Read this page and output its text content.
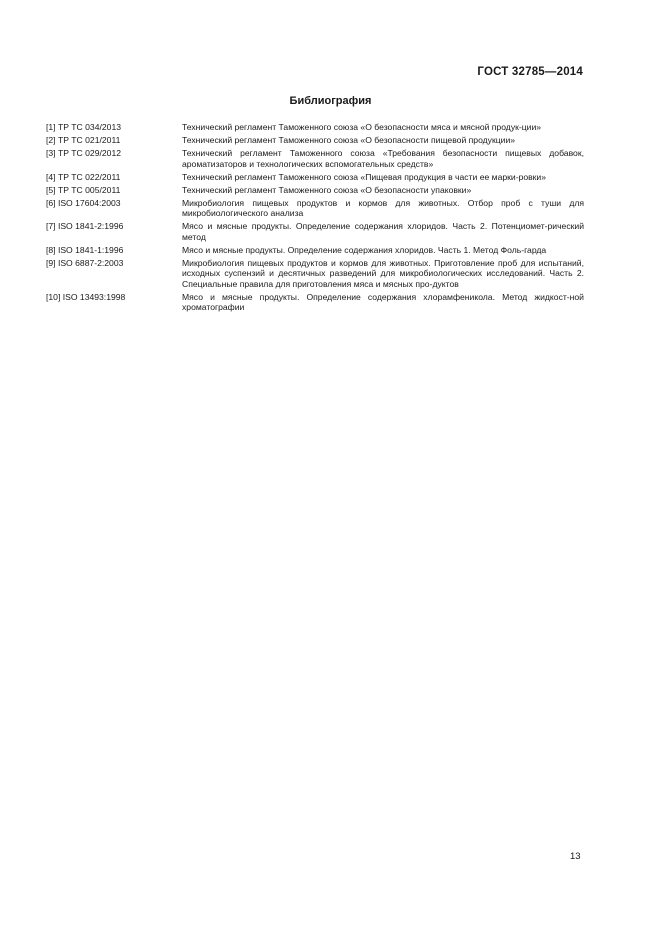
ГОСТ 32785—2014
Библиография
[1] ТР ТС 034/2013	Технический регламент Таможенного союза «О безопасности мяса и мясной продук-ции»
[2] ТР ТС 021/2011	Технический регламент Таможенного союза «О безопасности пищевой продукции»
[3] ТР ТС 029/2012	Технический регламент Таможенного союза «Требования безопасности пищевых добавок, ароматизаторов и технологических вспомогательных средств»
[4] ТР ТС 022/2011	Технический регламент Таможенного союза «Пищевая продукция в части ее марки-ровки»
[5] ТР ТС 005/2011	Технический регламент Таможенного союза «О безопасности упаковки»
[6] ISO 17604:2003	Микробиология пищевых продуктов и кормов для животных. Отбор проб с туши для микробиологического анализа
[7] ISO 1841-2:1996	Мясо и мясные продукты. Определение содержания хлоридов. Часть 2. Потенциомет-рический метод
[8] ISO 1841-1:1996	Мясо и мясные продукты. Определение содержания хлоридов. Часть 1. Метод Фоль-гарда
[9] ISO 6887-2:2003	Микробиология пищевых продуктов и кормов для животных. Приготовление проб для испытаний, исходных суспензий и десятичных разведений для микробиологических исследований. Часть 2. Специальные правила для приготовления мяса и мясных про-дуктов
[10] ISO 13493:1998	Мясо и мясные продукты. Определение содержания хлорамфеникола. Метод жидкост-ной хроматографии
13
